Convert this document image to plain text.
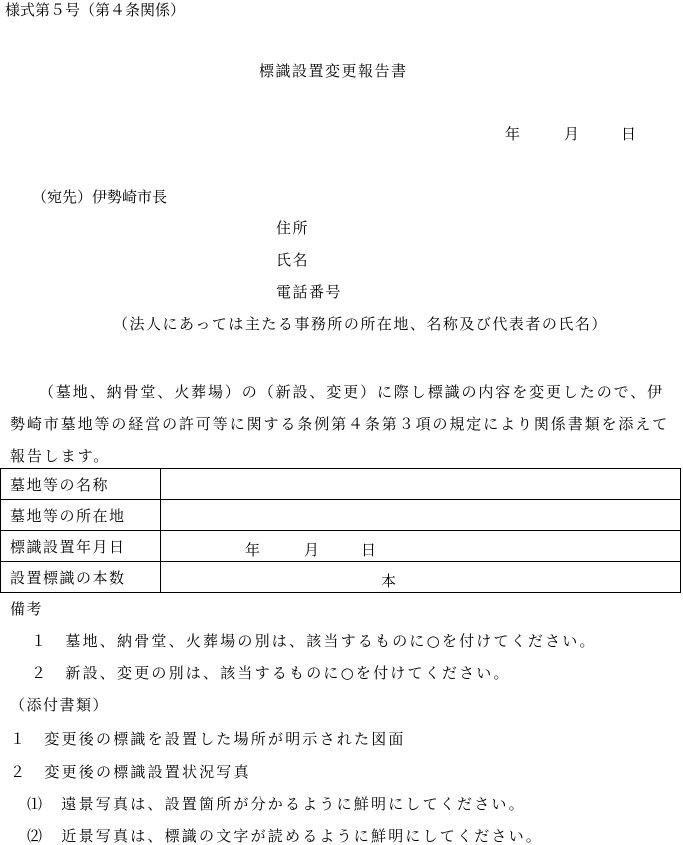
様式第５号（第４条関係）
標識設置変更報告書
年	月	日
（宛先）伊勢崎市長
住所
氏名
電話番号
（法人にあっては主たる事務所の所在地、名称及び代表者の氏名）
（墓地、納骨堂、火葬場）の（新設、変更）に際し標識の内容を変更したので、伊勢崎市墓地等の経営の許可等に関する条例第４条第３項の規定により関係書類を添えて報告します。
墓地等の名称	
墓地等の所在地	
標識設置年月日	年 月 日

設置標識の本数	本
備考
１　墓地、納骨堂、火葬場の別は、該当するものに○を付けてください。
２　新設、変更の別は、該当するものに○を付けてください。
（添付書類）
１　変更後の標識を設置した場所が明示された図面
２　変更後の標識設置状況写真
⑴　遠景写真は、設置箇所が分かるように鮮明にしてください。
⑵　近景写真は、標識の文字が読めるように鮮明にしてください。
